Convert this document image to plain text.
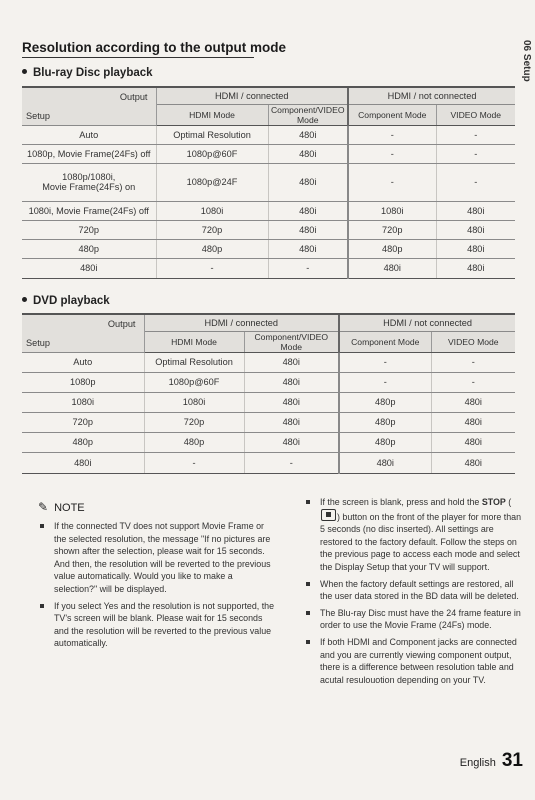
06 Setup
Resolution according to the output mode
Blu-ray Disc playback
Output
Setup	HDMI / connected		HDMI / not connected	
	HDMI Mode	Component/VIDEO Mode	Component Mode	VIDEO Mode
Auto	Optimal Resolution	480i	-	-
1080p, Movie Frame(24Fs) off	1080p@60F	480i	-	-
1080p/1080i,
Movie Frame(24Fs) on	1080p@24F	480i	-	-
1080i, Movie Frame(24Fs) off	1080i	480i	1080i	480i
720p	720p	480i	720p	480i
480p	480p	480i	480p	480i
480i	-	-	480i	480i
DVD playback
Output
Setup	HDMI / connected		HDMI / not connected	
	HDMI Mode	Component/VIDEO Mode	Component Mode	VIDEO Mode
Auto	Optimal Resolution	480i	-	-
1080p	1080p@60F	480i	-	-
1080i	1080i	480i	480p	480i
720p	720p	480i	480p	480i
480p	480p	480i	480p	480i
480i	-	-	480i	480i
✎ NOTE
If the connected TV does not support Movie Frame or the selected resolution, the message "If no pictures are shown after the selection, please wait for 15 seconds. And then, the resolution will be reverted to the previous value automatically. Would you like to make a selection?" will be displayed.
If you select Yes and the resolution is not supported, the TV's screen will be blank. Please wait for 15 seconds and the resolution will be reverted to the previous value automatically.
If the screen is blank, press and hold the STOP () button on the front of the player for more than 5 seconds (no disc inserted). All settings are restored to the factory default. Follow the steps on the previous page to access each mode and select the Display Setup that your TV will support.
When the factory default settings are restored, all the user data stored in the BD data will be deleted.
The Blu-ray Disc must have the 24 frame feature in order to use the Movie Frame (24Fs) mode.
If both HDMI and Component jacks are connected and you are currently viewing component output, there is a difference between resolution table and acutal resulouotion depending on your TV.
English 31
